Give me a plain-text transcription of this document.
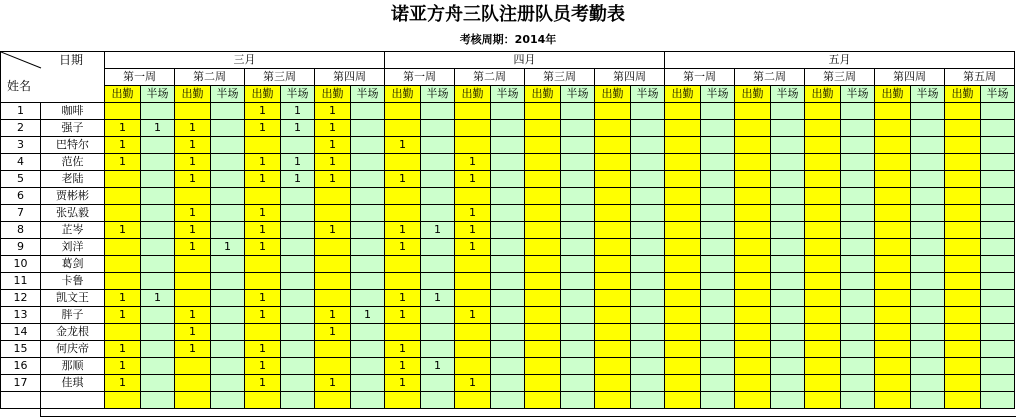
诺亚方舟三队注册队员考勤表
考核周期：2014年
日期
姓名		三月								四月								五月									
		第一周		第二周		第三周		第四周		第一周		第二周		第三周		第四周		第一周		第二周		第三周		第四周		第五周	
		出勤	半场	出勤	半场	出勤	半场	出勤	半场	出勤	半场	出勤	半场	出勤	半场	出勤	半场	出勤	半场	出勤	半场	出勤	半场	出勤	半场	出勤	半场
1	咖啡					1	1	1																			
2	强子	1	1	1		1	1	1																			
3	巴特尔	1		1				1		1																	
4	范佐	1		1		1	1	1				1															
5	老陆			1		1	1	1		1		1															
6	贾彬彬																										
7	张弘毅			1		1						1															
8	芷岑	1		1		1		1		1	1	1															
9	刘洋			1	1	1				1		1															
10	葛剑																										
11	卡鲁																										
12	凯文王	1	1			1				1	1																
13	胖子	1		1		1		1	1	1		1															
14	金龙根			1				1																			
15	何庆帝	1		1		1				1																	
16	那顺	1				1				1	1																
17	佳琪	1				1		1		1		1															
